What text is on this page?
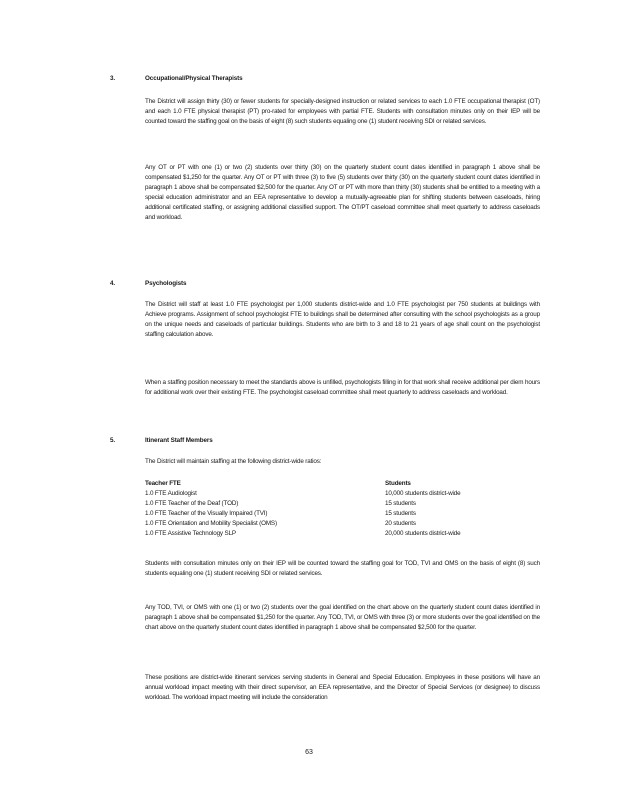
3.	Occupational/Physical Therapists
The District will assign thirty (30) or fewer students for specially-designed instruction or related services to each 1.0 FTE occupational therapist (OT) and each 1.0 FTE physical therapist (PT) pro-rated for employees with partial FTE. Students with consultation minutes only on their IEP will be counted toward the staffing goal on the basis of eight (8) such students equaling one (1) student receiving SDI or related services.
Any OT or PT with one (1) or two (2) students over thirty (30) on the quarterly student count dates identified in paragraph 1 above shall be compensated $1,250 for the quarter. Any OT or PT with three (3) to five (5) students over thirty (30) on the quarterly student count dates identified in paragraph 1 above shall be compensated $2,500 for the quarter. Any OT or PT with more than thirty (30) students shall be entitled to a meeting with a special education administrator and an EEA representative to develop a mutually-agreeable plan for shifting students between caseloads, hiring additional certificated staffing, or assigning additional classified support. The OT/PT caseload committee shall meet quarterly to address caseloads and workload.
4.	Psychologists
The District will staff at least 1.0 FTE psychologist per 1,000 students district-wide and 1.0 FTE psychologist per 750 students at buildings with Achieve programs. Assignment of school psychologist FTE to buildings shall be determined after consulting with the school psychologists as a group on the unique needs and caseloads of particular buildings. Students who are birth to 3 and 18 to 21 years of age shall count on the psychologist staffing calculation above.
When a staffing position necessary to meet the standards above is unfilled, psychologists filling in for that work shall receive additional per diem hours for additional work over their existing FTE. The psychologist caseload committee shall meet quarterly to address caseloads and workload.
5.	Itinerant Staff Members
The District will maintain staffing at the following district-wide ratios:
Teacher FTE	Students
1.0 FTE Audiologist	10,000 students district-wide
1.0 FTE Teacher of the Deaf (TOD)	15 students
1.0 FTE Teacher of the Visually Impaired (TVI)	15 students
1.0 FTE Orientation and Mobility Specialist (OMS)	20 students
1.0 FTE Assistive Technology SLP	20,000 students district-wide
Students with consultation minutes only on their IEP will be counted toward the staffing goal for TOD, TVI and OMS on the basis of eight (8) such students equaling one (1) student receiving SDI or related services.
Any TOD, TVI, or OMS with one (1) or two (2) students over the goal identified on the chart above on the quarterly student count dates identified in paragraph 1 above shall be compensated $1,250 for the quarter. Any TOD, TVI, or OMS with three (3) or more students over the goal identified on the chart above on the quarterly student count dates identified in paragraph 1 above shall be compensated $2,500 for the quarter.
These positions are district-wide itinerant services serving students in General and Special Education. Employees in these positions will have an annual workload impact meeting with their direct supervisor, an EEA representative, and the Director of Special Services (or designee) to discuss workload. The workload impact meeting will include the consideration
63
